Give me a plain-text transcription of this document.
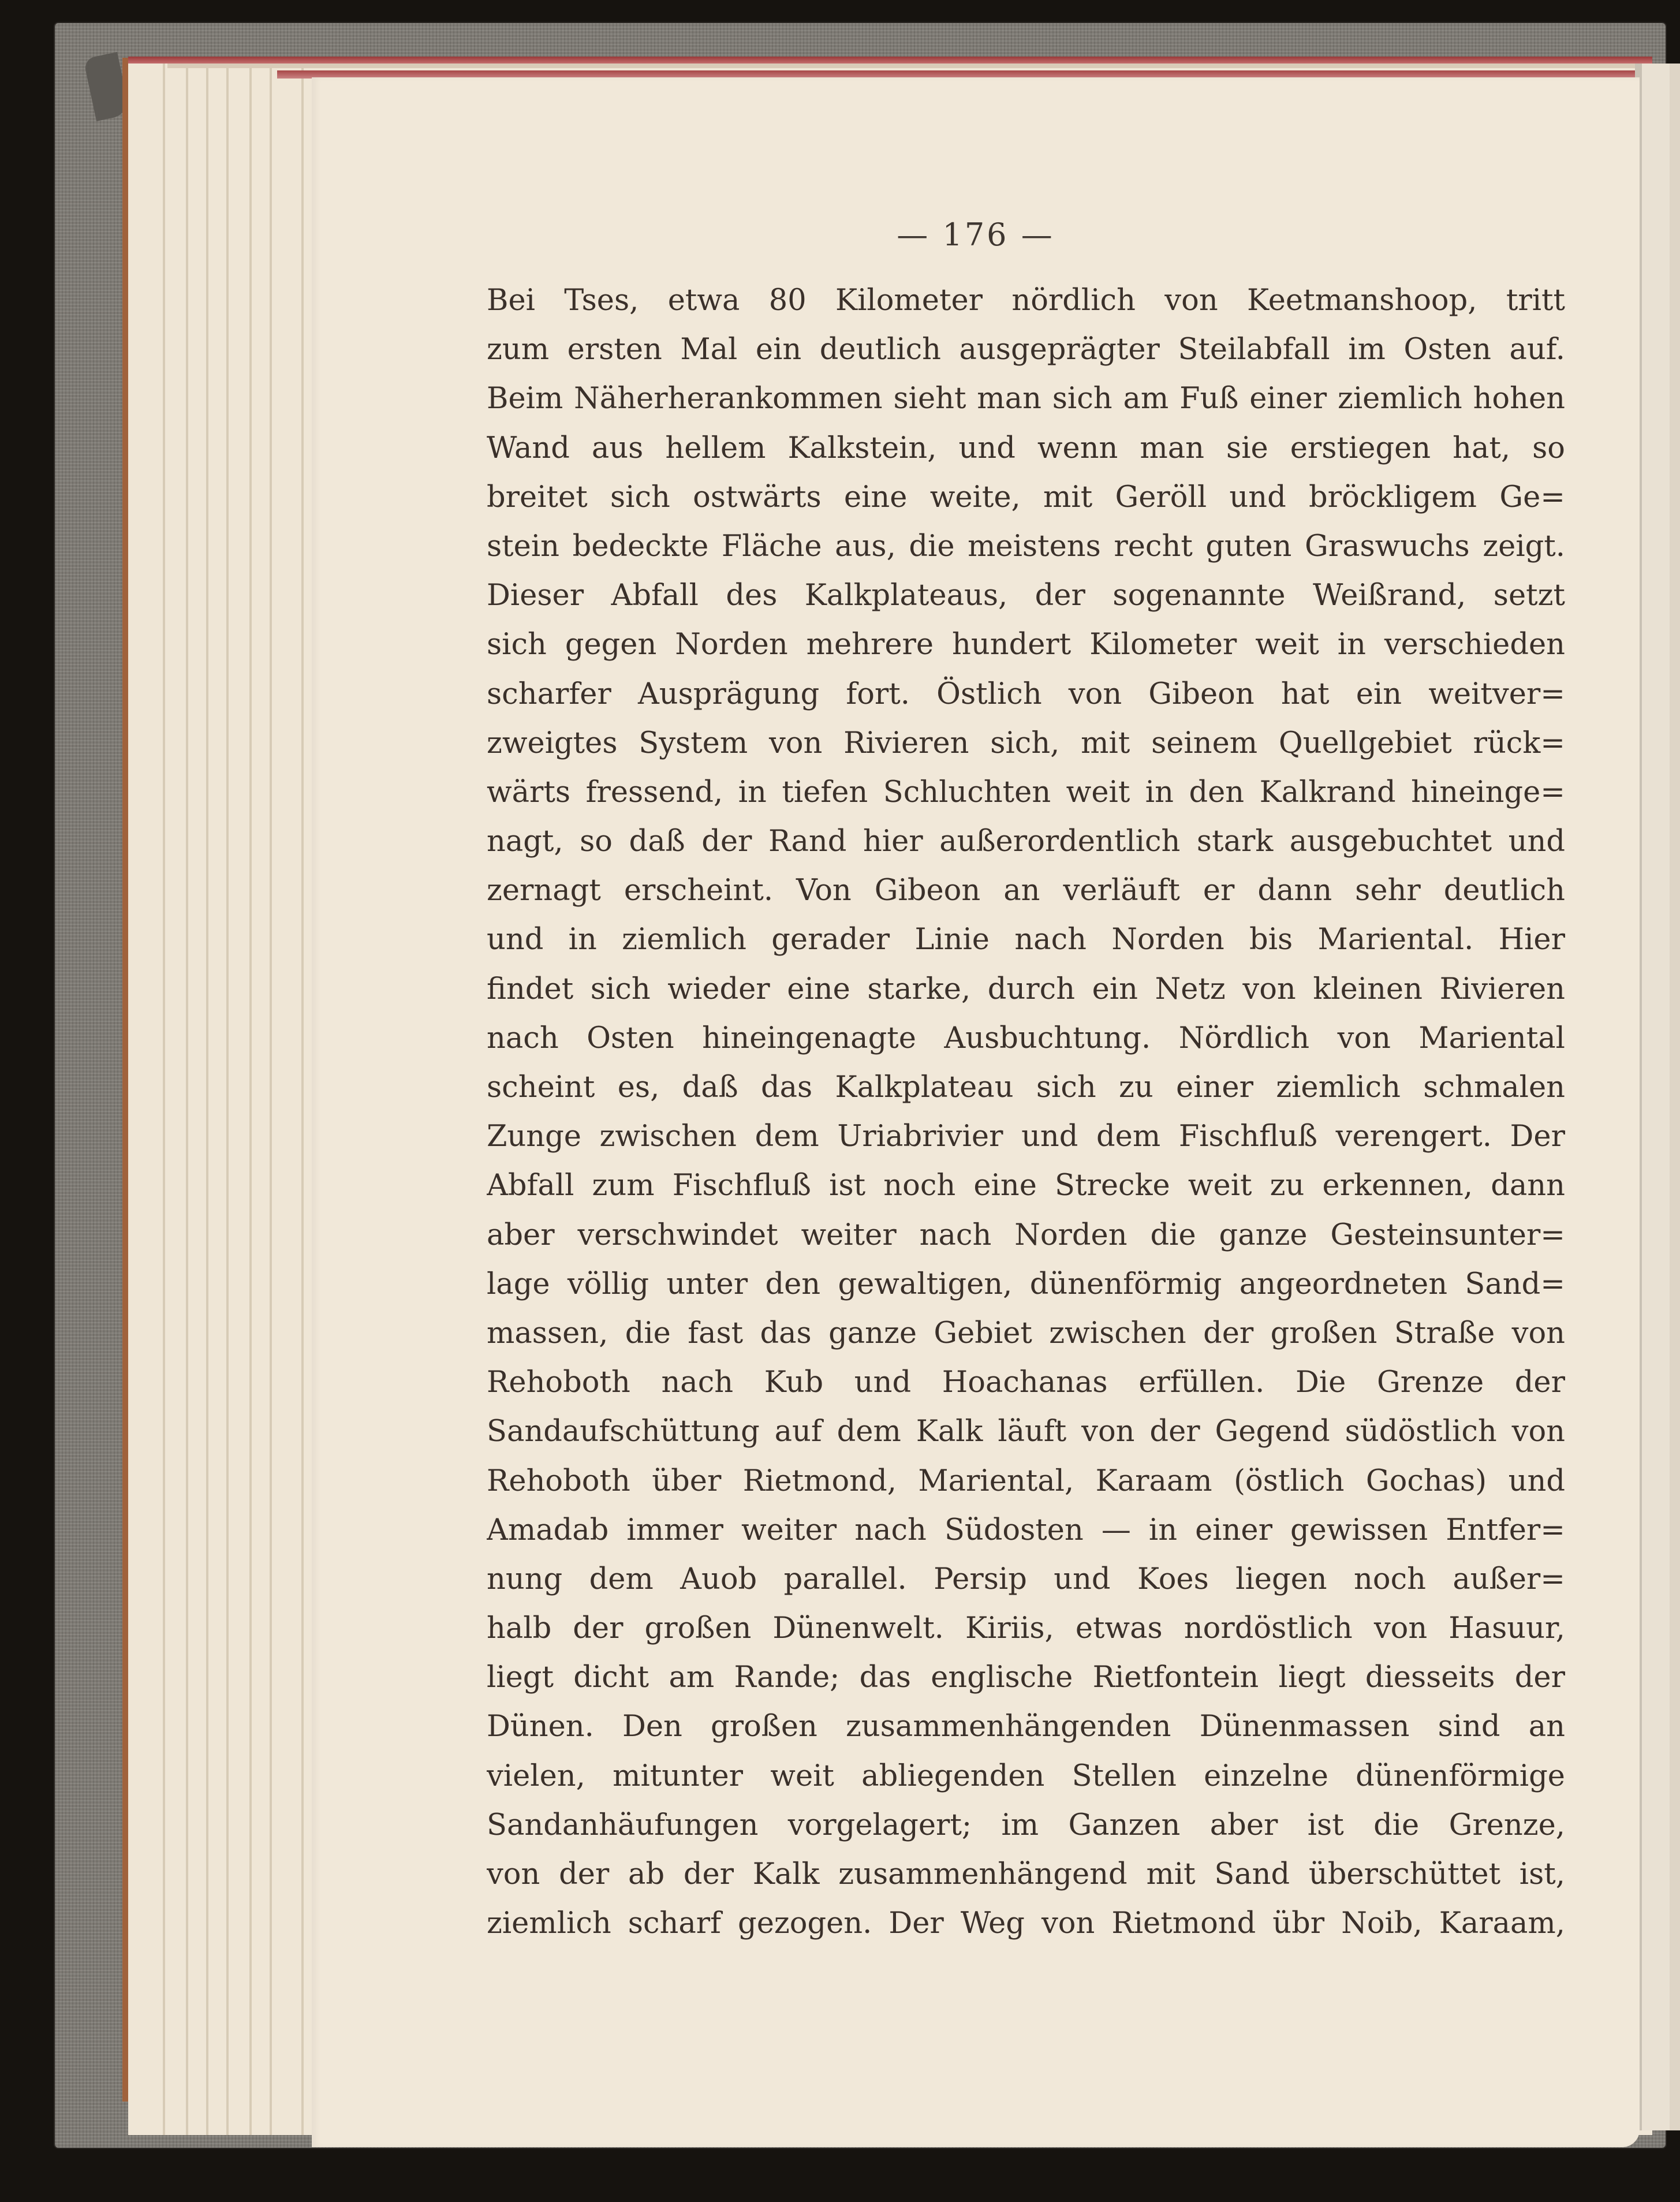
— 176 —
Bei Tses, etwa 80 Kilometer nördlich von Keetmanshoop, tritt
zum ersten Mal ein deutlich ausgeprägter Steilabfall im Osten auf.
Beim Näherherankommen sieht man sich am Fuß einer ziemlich hohen
Wand aus hellem Kalkstein, und wenn man sie erstiegen hat, so
breitet sich ostwärts eine weite, mit Geröll und bröckligem Ge=
stein bedeckte Fläche aus, die meistens recht guten Graswuchs zeigt.
Dieser Abfall des Kalkplateaus, der sogenannte Weißrand, setzt
sich gegen Norden mehrere hundert Kilometer weit in verschieden
scharfer Ausprägung fort. Östlich von Gibeon hat ein weitver=
zweigtes System von Rivieren sich, mit seinem Quellgebiet rück=
wärts fressend, in tiefen Schluchten weit in den Kalkrand hineinge=
nagt, so daß der Rand hier außerordentlich stark ausgebuchtet und
zernagt erscheint. Von Gibeon an verläuft er dann sehr deutlich
und in ziemlich gerader Linie nach Norden bis Mariental. Hier
findet sich wieder eine starke, durch ein Netz von kleinen Rivieren
nach Osten hineingenagte Ausbuchtung. Nördlich von Mariental
scheint es, daß das Kalkplateau sich zu einer ziemlich schmalen
Zunge zwischen dem Uriabrivier und dem Fischfluß verengert. Der
Abfall zum Fischfluß ist noch eine Strecke weit zu erkennen, dann
aber verschwindet weiter nach Norden die ganze Gesteinsunter=
lage völlig unter den gewaltigen, dünenförmig angeordneten Sand=
massen, die fast das ganze Gebiet zwischen der großen Straße von
Rehoboth nach Kub und Hoachanas erfüllen. Die Grenze der
Sandaufschüttung auf dem Kalk läuft von der Gegend südöstlich von
Rehoboth über Rietmond, Mariental, Karaam (östlich Gochas) und
Amadab immer weiter nach Südosten — in einer gewissen Entfer=
nung dem Auob parallel. Persip und Koes liegen noch außer=
halb der großen Dünenwelt. Kiriis, etwas nordöstlich von Hasuur,
liegt dicht am Rande; das englische Rietfontein liegt diesseits der
Dünen. Den großen zusammenhängenden Dünenmassen sind an
vielen, mitunter weit abliegenden Stellen einzelne dünenförmige
Sandanhäufungen vorgelagert; im Ganzen aber ist die Grenze,
von der ab der Kalk zusammenhängend mit Sand überschüttet ist,
ziemlich scharf gezogen. Der Weg von Rietmond übr Noib, Karaam,
